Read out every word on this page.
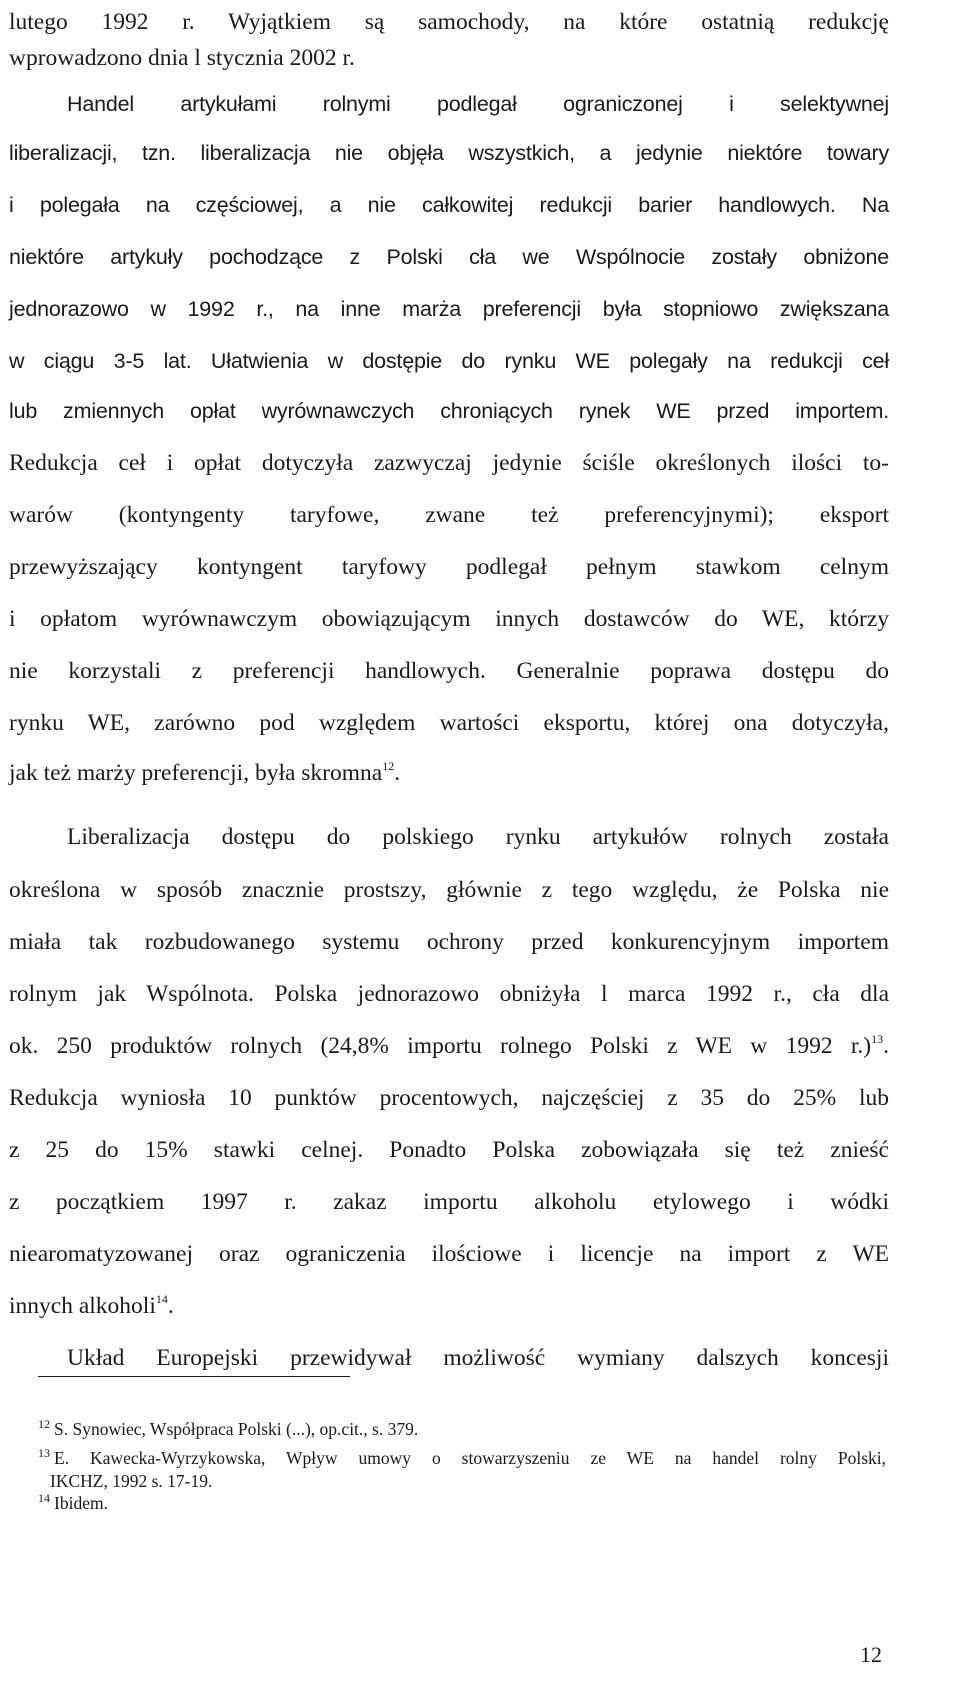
lutego 1992 r. Wyjątkiem są samochody, na które ostatnią redukcję
wprowadzono dnia l stycznia 2002 r.
Handel artykułami rolnymi podlegał ograniczonej i selektywnej
liberalizacji, tzn. liberalizacja nie objęła wszystkich, a jedynie niektóre towary
i polegała na częściowej, a nie całkowitej redukcji barier handlowych. Na
niektóre artykuły pochodzące z Polski cła we Wspólnocie zostały obniżone
jednorazowo w 1992 r., na inne marża preferencji była stopniowo zwiększana
w ciągu 3-5 lat. Ułatwienia w dostępie do rynku WE polegały na redukcji ceł
lub zmiennych opłat wyrównawczych chroniących rynek WE przed importem.
Redukcja ceł i opłat dotyczyła zazwyczaj jedynie ściśle określonych ilości to-
warów (kontyngenty taryfowe, zwane też preferencyjnymi); eksport
przewyższający kontyngent taryfowy podlegał pełnym stawkom celnym
i opłatom wyrównawczym obowiązującym innych dostawców do WE, którzy
nie korzystali z preferencji handlowych. Generalnie poprawa dostępu do
rynku WE, zarówno pod względem wartości eksportu, której ona dotyczyła,
jak też marży preferencji, była skromna$^{12}$.
Liberalizacja dostępu do polskiego rynku artykułów rolnych została
określona w sposób znacznie prostszy, głównie z tego względu, że Polska nie
miała tak rozbudowanego systemu ochrony przed konkurencyjnym importem
rolnym jak Wspólnota. Polska jednorazowo obniżyła l marca 1992 r., cła dla
ok. 250 produktów rolnych (24,8% importu rolnego Polski z WE w 1992 r.)$^{13}$.
Redukcja wyniosła 10 punktów procentowych, najczęściej z 35 do 25% lub
z 25 do 15% stawki celnej. Ponadto Polska zobowiązała się też znieść
z początkiem 1997 r. zakaz importu alkoholu etylowego i wódki
niearomatyzowanej oraz ograniczenia ilościowe i licencje na import z WE
innych alkoholi$^{14}$.
Układ Europejski przewidywał możliwość wymiany dalszych koncesji
$^{12}$ S. Synowiec, Współpraca Polski (...), op.cit., s. 379.
$^{13}$ E. Kawecka-Wyrzykowska, Wpływ umowy o stowarzyszeniu ze WE na handel rolny Polski,
IKCHZ, 1992 s. 17-19.
$^{14}$ Ibidem.
12
